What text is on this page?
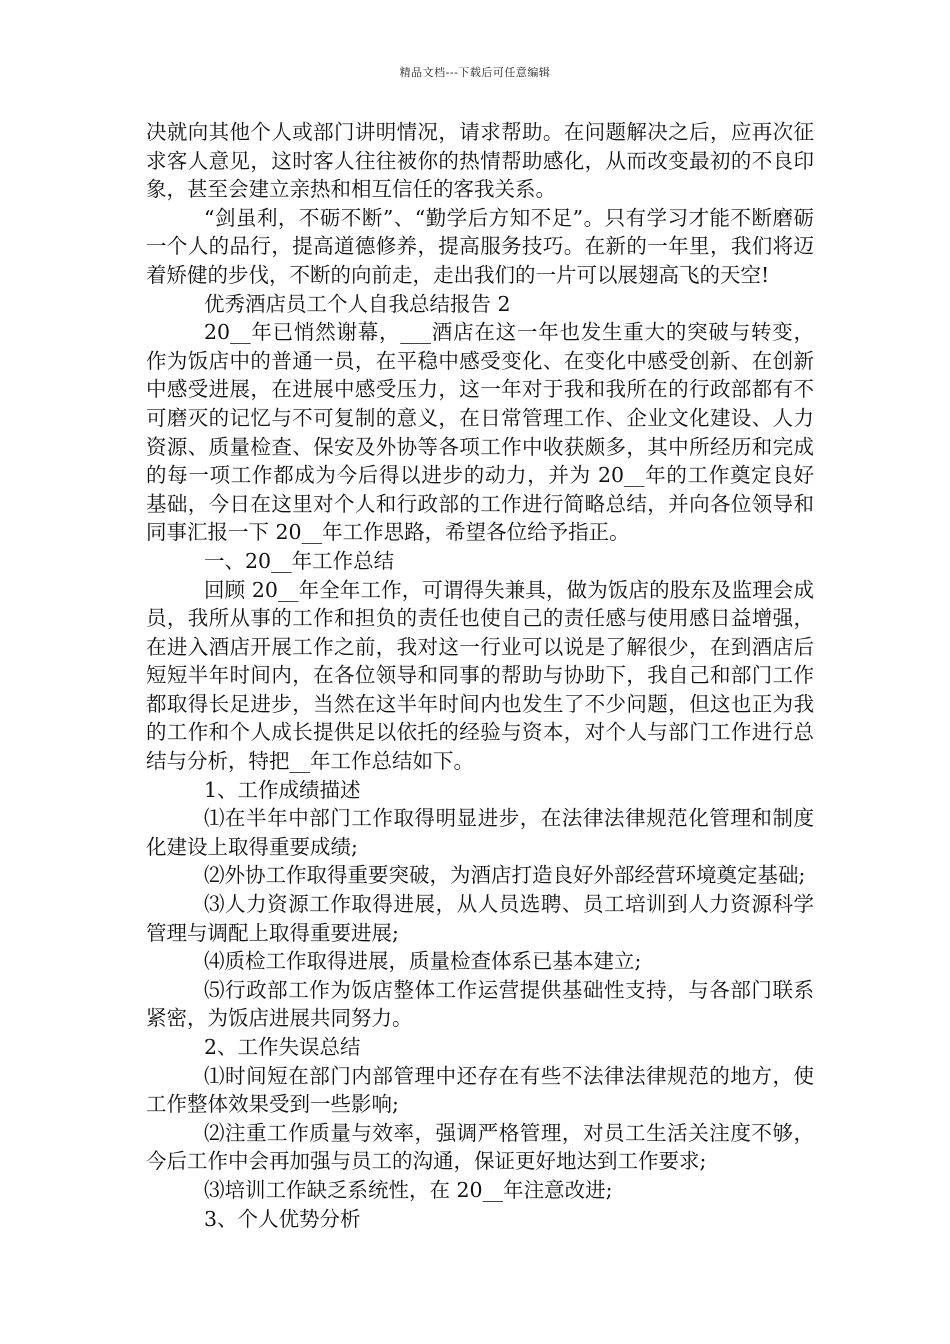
精品文档---下载后可任意编辑

决就向其他个人或部门讲明情况，请求帮助。在问题解决之后，应再次征求客人意见，这时客人往往被你的热情帮助感化，从而改变最初的不良印象，甚至会建立亲热和相互信任的客我关系。

“剑虽利，不砺不断”、“勤学后方知不足”。只有学习才能不断磨砺一个人的品行，提高道德修养，提高服务技巧。在新的一年里，我们将迈着矫健的步伐，不断的向前走，走出我们的一片可以展翅高飞的天空!

优秀酒店员工个人自我总结报告 2

20__年已悄然谢幕，___酒店在这一年也发生重大的突破与转变，作为饭店中的普通一员，在平稳中感受变化、在变化中感受创新、在创新中感受进展，在进展中感受压力，这一年对于我和我所在的行政部都有不可磨灭的记忆与不可复制的意义，在日常管理工作、企业文化建设、人力资源、质量检查、保安及外协等各项工作中收获颇多，其中所经历和完成的每一项工作都成为今后得以进步的动力，并为 20__年的工作奠定良好基础，今日在这里对个人和行政部的工作进行简略总结，并向各位领导和同事汇报一下 20__年工作思路，希望各位给予指正。

一、20__年工作总结

回顾 20__年全年工作，可谓得失兼具，做为饭店的股东及监理会成员，我所从事的工作和担负的责任也使自己的责任感与使用感日益增强，在进入酒店开展工作之前，我对这一行业可以说是了解很少，在到酒店后短短半年时间内，在各位领导和同事的帮助与协助下，我自己和部门工作都取得长足进步，当然在这半年时间内也发生了不少问题，但这也正为我的工作和个人成长提供足以依托的经验与资本，对个人与部门工作进行总结与分析，特把__年工作总结如下。

1、工作成绩描述

⑴在半年中部门工作取得明显进步，在法律法律规范化管理和制度化建设上取得重要成绩;

⑵外协工作取得重要突破，为酒店打造良好外部经营环境奠定基础;

⑶人力资源工作取得进展，从人员选聘、员工培训到人力资源科学管理与调配上取得重要进展;

⑷质检工作取得进展，质量检查体系已基本建立;

⑸行政部工作为饭店整体工作运营提供基础性支持，与各部门联系紧密，为饭店进展共同努力。

2、工作失误总结

⑴时间短在部门内部管理中还存在有些不法律法律规范的地方，使工作整体效果受到一些影响;

⑵注重工作质量与效率，强调严格管理，对员工生活关注度不够，今后工作中会再加强与员工的沟通，保证更好地达到工作要求;

⑶培训工作缺乏系统性，在 20__年注意改进;

3、个人优势分析
